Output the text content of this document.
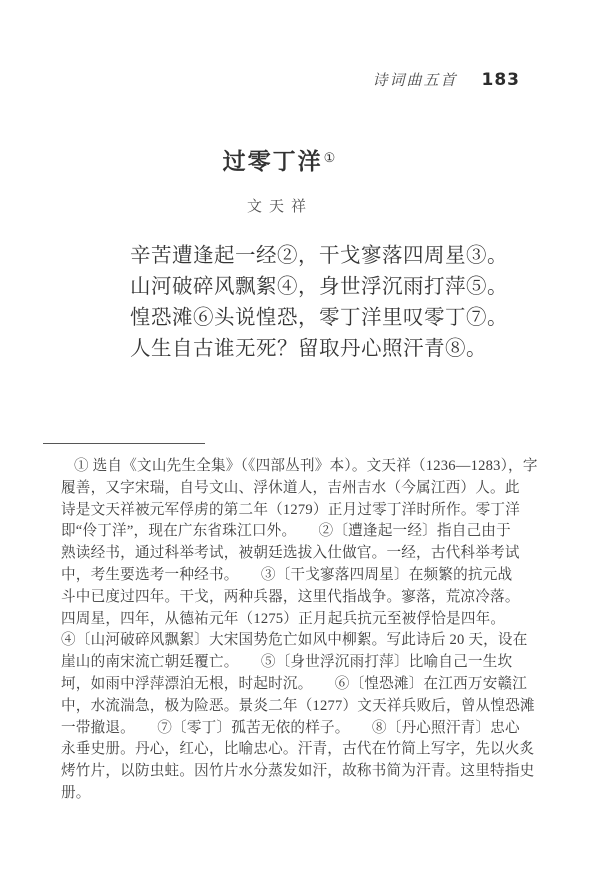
诗词曲五首 183
过零丁洋①
文天祥
辛苦遭逢起一经②，干戈寥落四周星③。
山河破碎风飘絮④，身世浮沉雨打萍⑤。
惶恐滩⑥头说惶恐，零丁洋里叹零丁⑦。
人生自古谁无死？留取丹心照汗青⑧。
① 选自《文山先生全集》（《四部丛刊》本）。文天祥（1236—1283），字
履善，又字宋瑞，自号文山、浮休道人，吉州吉水（今属江西）人。此
诗是文天祥被元军俘虏的第二年（1279）正月过零丁洋时所作。零丁洋
即“伶丁洋”，现在广东省珠江口外。　　②〔遭逢起一经〕指自己由于
熟读经书，通过科举考试，被朝廷选拔入仕做官。一经，古代科举考试
中，考生要选考一种经书。　　③〔干戈寥落四周星〕在频繁的抗元战
斗中已度过四年。干戈，两种兵器，这里代指战争。寥落，荒凉冷落。
四周星，四年，从德祐元年（1275）正月起兵抗元至被俘恰是四年。
④〔山河破碎风飘絮〕大宋国势危亡如风中柳絮。写此诗后 20 天，设在
崖山的南宋流亡朝廷覆亡。　　⑤〔身世浮沉雨打萍〕比喻自己一生坎
坷，如雨中浮萍漂泊无根，时起时沉。　　⑥〔惶恐滩〕在江西万安赣江
中，水流湍急，极为险恶。景炎二年（1277）文天祥兵败后，曾从惶恐滩
一带撤退。　　⑦〔零丁〕孤苦无依的样子。　　⑧〔丹心照汗青〕忠心
永垂史册。丹心，红心，比喻忠心。汗青，古代在竹简上写字，先以火炙
烤竹片，以防虫蛀。因竹片水分蒸发如汗，故称书简为汗青。这里特指史
册。
